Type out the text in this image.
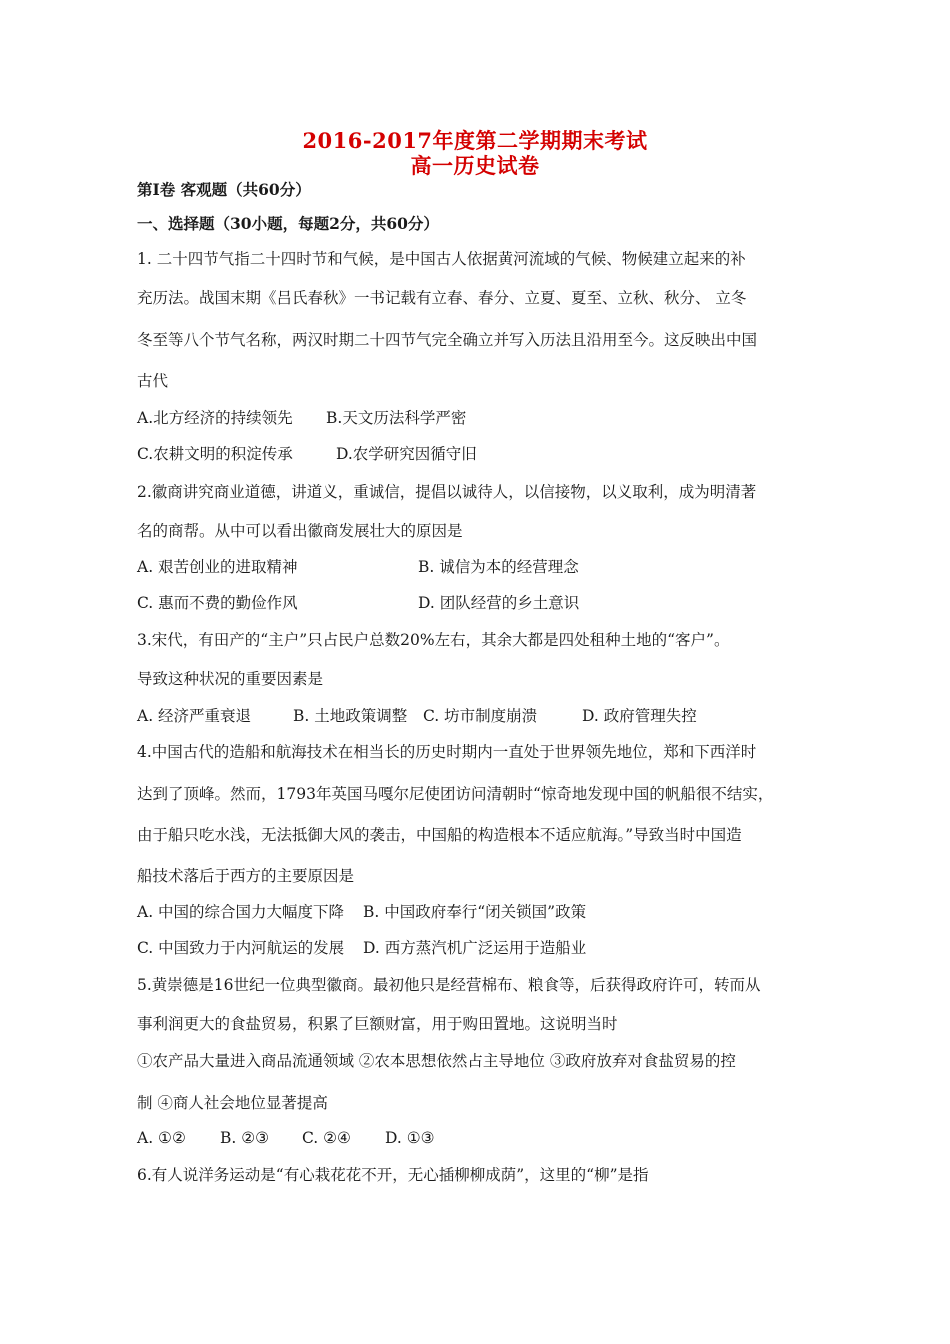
2016-2017年度第二学期期末考试
高一历史试卷
第Ⅰ卷 客观题（共60分）
一、选择题（30小题，每题2分，共60分）
1. 二十四节气指二十四时节和气候，是中国古人依据黄河流域的气候、物候建立起来的补
充历法。战国末期《吕氏春秋》一书记载有立春、春分、立夏、夏至、立秋、秋分、 立冬
冬至等八个节气名称，两汉时期二十四节气完全确立并写入历法且沿用至今。这反映出中国
古代
A.北方经济的持续领先 B.天文历法科学严密
C.农耕文明的积淀传承	D.农学研究因循守旧
2.徽商讲究商业道德，讲道义，重诚信，提倡以诚待人，以信接物，以义取利，成为明清著
名的商帮。从中可以看出徽商发展壮大的原因是
A. 艰苦创业的进取精神	B. 诚信为本的经营理念
C. 惠而不费的勤俭作风	D. 团队经营的乡土意识
3.宋代，有田产的“主户”只占民户总数20%左右，其余大都是四处租种土地的“客户”。
导致这种状况的重要因素是
A. 经济严重衰退	B. 土地政策调整 C. 坊市制度崩溃	D. 政府管理失控
4.中国古代的造船和航海技术在相当长的历史时期内一直处于世界领先地位，郑和下西洋时
达到了顶峰。然而，1793年英国马嘎尔尼使团访问清朝时“惊奇地发现中国的帆船很不结实，
由于船只吃水浅，无法抵御大风的袭击，中国船的构造根本不适应航海。”导致当时中国造
船技术落后于西方的主要原因是
A. 中国的综合国力大幅度下降 B. 中国政府奉行“闭关锁国”政策
C. 中国致力于内河航运的发展 D. 西方蒸汽机广泛运用于造船业
5.黄崇德是16世纪一位典型徽商。最初他只是经营棉布、粮食等，后获得政府许可，转而从
事利润更大的食盐贸易，积累了巨额财富，用于购田置地。这说明当时
①农产品大量进入商品流通领域 ②农本思想依然占主导地位 ③政府放弃对食盐贸易的控
制 ④商人社会地位显著提高
A. ①② B. ②③ C. ②④ D. ①③
6.有人说洋务运动是“有心栽花花不开，无心插柳柳成荫”，这里的“柳”是指
